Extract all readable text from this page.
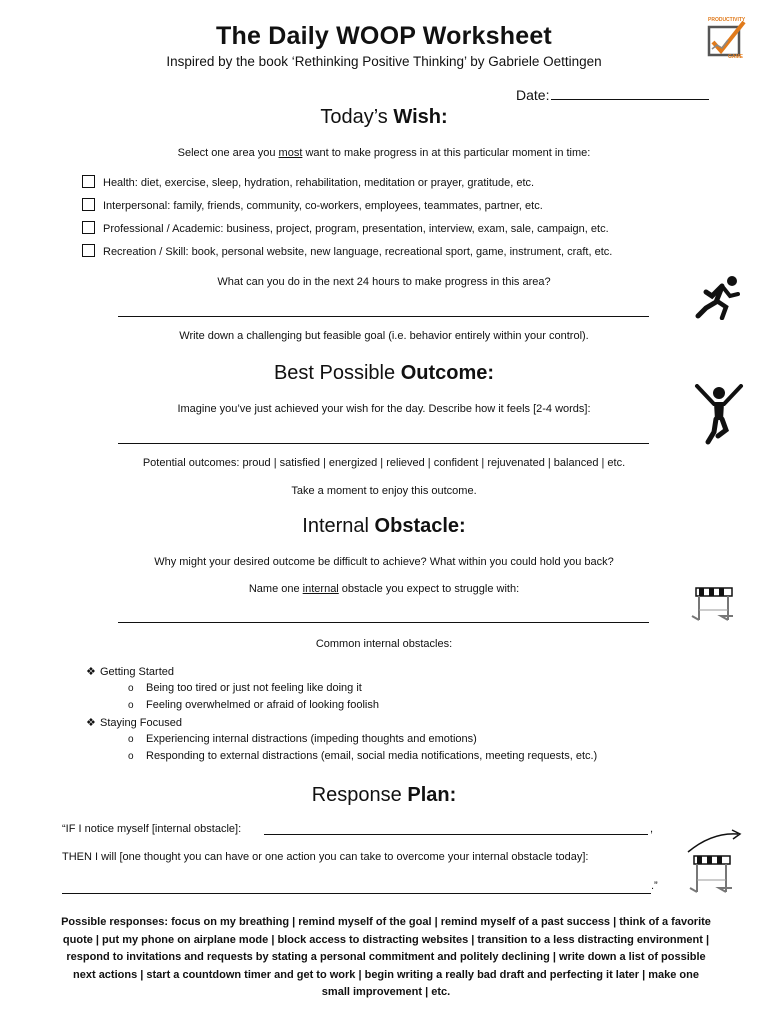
The Daily WOOP Worksheet
Inspired by the book ‘Rethinking Positive Thinking’ by Gabriele Oettingen
PRODUCTIVITY
GAME
Date:
Today’s Wish:
Select one area you most want to make progress in at this particular moment in time:
Health: diet, exercise, sleep, hydration, rehabilitation, meditation or prayer, gratitude, etc.
Interpersonal: family, friends, community, co-workers, employees, teammates, partner, etc.
Professional / Academic: business, project, program, presentation, interview, exam, sale, campaign, etc.
Recreation / Skill: book, personal website, new language, recreational sport, game, instrument, craft, etc.
What can you do in the next 24 hours to make progress in this area?
Write down a challenging but feasible goal (i.e. behavior entirely within your control).
Best Possible Outcome:
Imagine you’ve just achieved your wish for the day. Describe how it feels [2-4 words]:
Potential outcomes: proud | satisfied | energized | relieved | confident | rejuvenated | balanced | etc.
Take a moment to enjoy this outcome.
Internal Obstacle:
Why might your desired outcome be difficult to achieve? What within you could hold you back?
Name one internal obstacle you expect to struggle with:
Common internal obstacles:
❖ Getting Started
o Being too tired or just not feeling like doing it
o Feeling overwhelmed or afraid of looking foolish
❖ Staying Focused
o Experiencing internal distractions (impeding thoughts and emotions)
o Responding to external distractions (email, social media notifications, meeting requests, etc.)
Response Plan:
“IF I notice myself [internal obstacle]:	,
THEN I will [one thought you can have or one action you can take to overcome your internal obstacle today]:
.”
Possible responses: focus on my breathing | remind myself of the goal | remind myself of a past success | think of a favorite
quote | put my phone on airplane mode | block access to distracting websites | transition to a less distracting environment |
respond to invitations and requests by stating a personal commitment and politely declining | write down a list of possible
next actions | start a countdown timer and get to work | begin writing a really bad draft and perfecting it later | make one
small improvement | etc.
